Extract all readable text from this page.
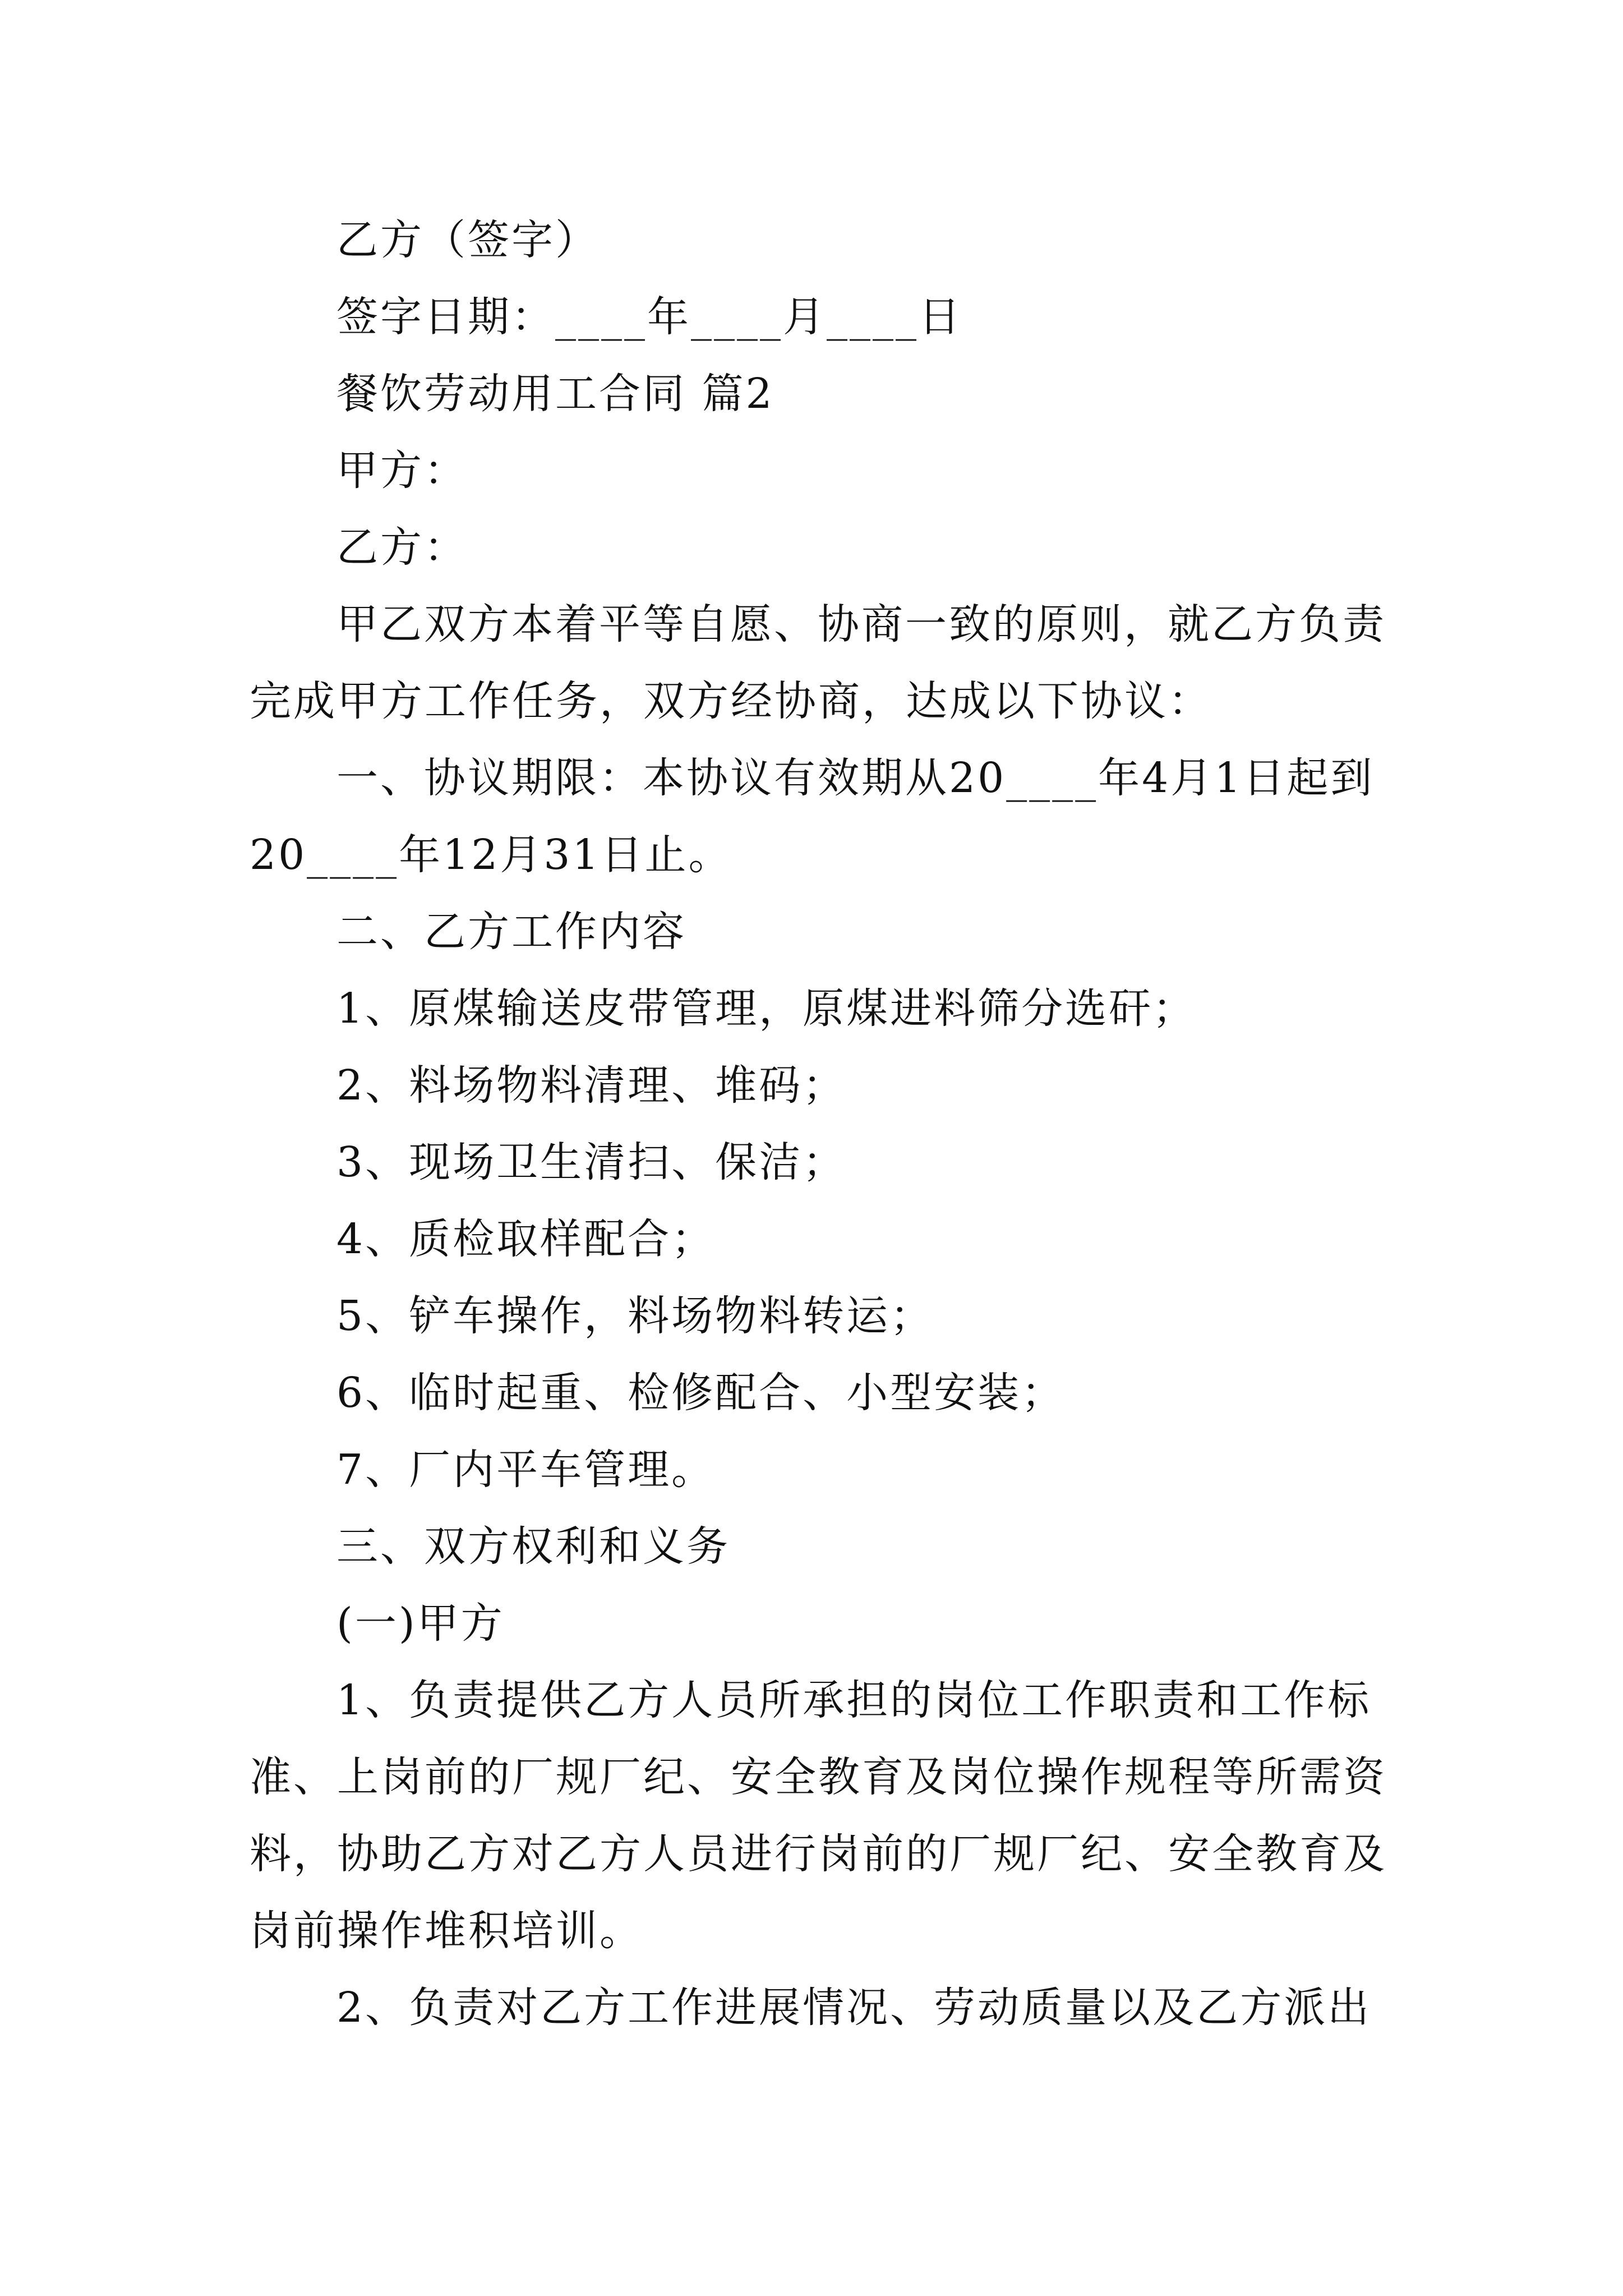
乙方（签字）
签字日期：____年____月____日
餐饮劳动用工合同 篇2
甲方：
乙方：
甲乙双方本着平等自愿、协商一致的原则，就乙方负责
完成甲方工作任务，双方经协商，达成以下协议：
一、协议期限：本协议有效期从20____年4月1日起到
20____年12月31日止。
二、乙方工作内容
1、原煤输送皮带管理，原煤进料筛分选矸；
2、料场物料清理、堆码；
3、现场卫生清扫、保洁；
4、质检取样配合；
5、铲车操作，料场物料转运；
6、临时起重、检修配合、小型安装；
7、厂内平车管理。
三、双方权利和义务
(一)甲方
1、负责提供乙方人员所承担的岗位工作职责和工作标
准、上岗前的厂规厂纪、安全教育及岗位操作规程等所需资
料，协助乙方对乙方人员进行岗前的厂规厂纪、安全教育及
岗前操作堆积培训。
2、负责对乙方工作进展情况、劳动质量以及乙方派出
